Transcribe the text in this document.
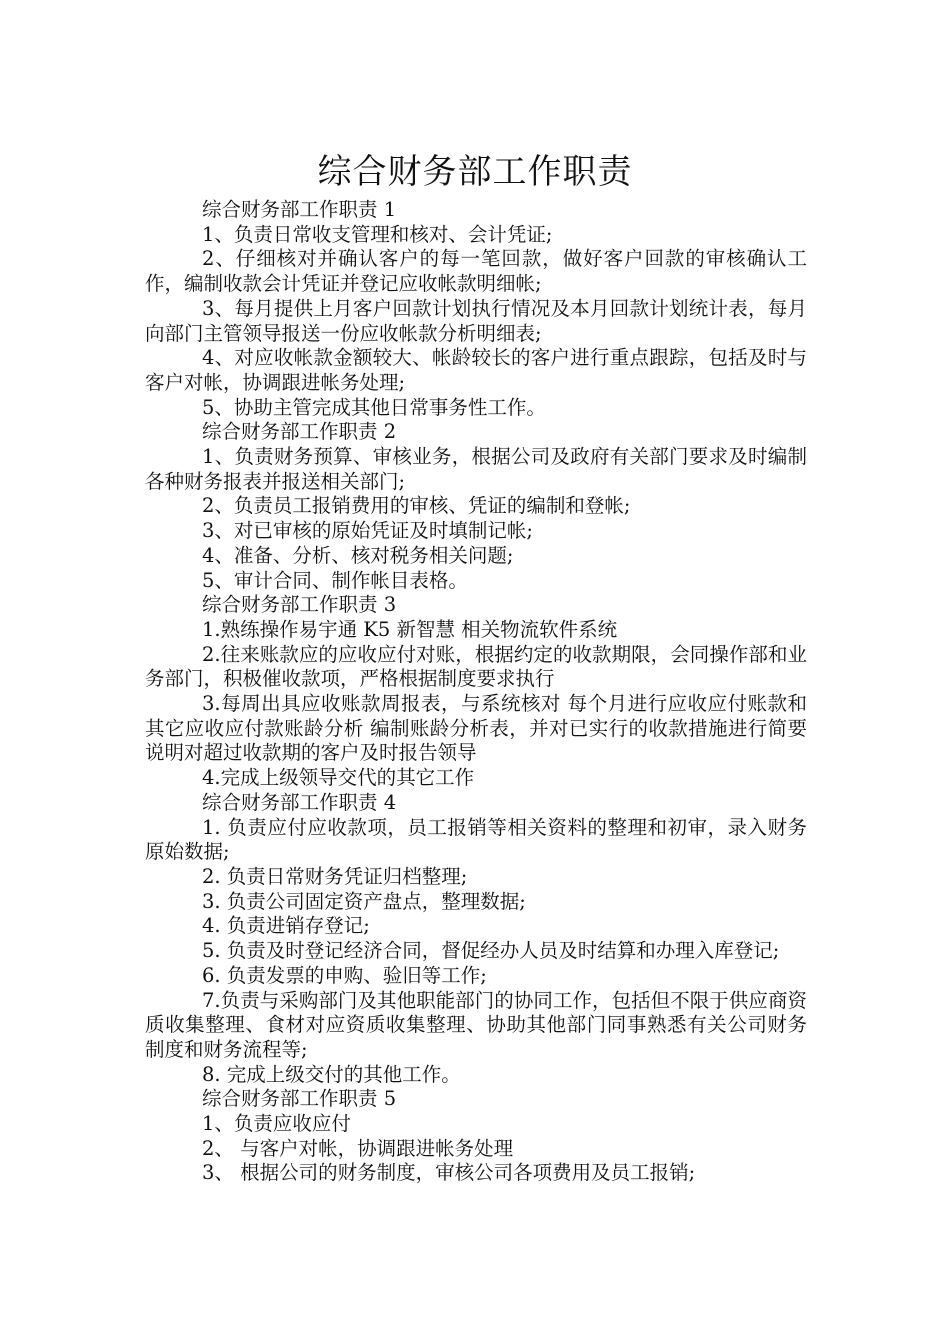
综合财务部工作职责

综合财务部工作职责 1

1、负责日常收支管理和核对、会计凭证;

2、仔细核对并确认客户的每一笔回款，做好客户回款的审核确认工作，编制收款会计凭证并登记应收帐款明细帐;

3、每月提供上月客户回款计划执行情况及本月回款计划统计表，每月向部门主管领导报送一份应收帐款分析明细表;

4、对应收帐款金额较大、帐龄较长的客户进行重点跟踪，包括及时与客户对帐，协调跟进帐务处理;

5、协助主管完成其他日常事务性工作。

综合财务部工作职责 2

1、负责财务预算、审核业务，根据公司及政府有关部门要求及时编制各种财务报表并报送相关部门;

2、负责员工报销费用的审核、凭证的编制和登帐;

3、对已审核的原始凭证及时填制记帐;

4、准备、分析、核对税务相关问题;

5、审计合同、制作帐目表格。

综合财务部工作职责 3

1.熟练操作易宇通 K5 新智慧 相关物流软件系统

2.往来账款应的应收应付对账，根据约定的收款期限，会同操作部和业务部门，积极催收款项，严格根据制度要求执行

3.每周出具应收账款周报表，与系统核对 每个月进行应收应付账款和其它应收应付款账龄分析 编制账龄分析表，并对已实行的收款措施进行简要说明对超过收款期的客户及时报告领导

4.完成上级领导交代的其它工作

综合财务部工作职责 4

1. 负责应付应收款项，员工报销等相关资料的整理和初审，录入财务原始数据;

2. 负责日常财务凭证归档整理;

3. 负责公司固定资产盘点，整理数据;

4. 负责进销存登记;

5. 负责及时登记经济合同，督促经办人员及时结算和办理入库登记;

6. 负责发票的申购、验旧等工作;

7.负责与采购部门及其他职能部门的协同工作，包括但不限于供应商资质收集整理、食材对应资质收集整理、协助其他部门同事熟悉有关公司财务制度和财务流程等;

8. 完成上级交付的其他工作。

综合财务部工作职责 5

1、负责应收应付

2、 与客户对帐，协调跟进帐务处理

3、 根据公司的财务制度，审核公司各项费用及员工报销;
